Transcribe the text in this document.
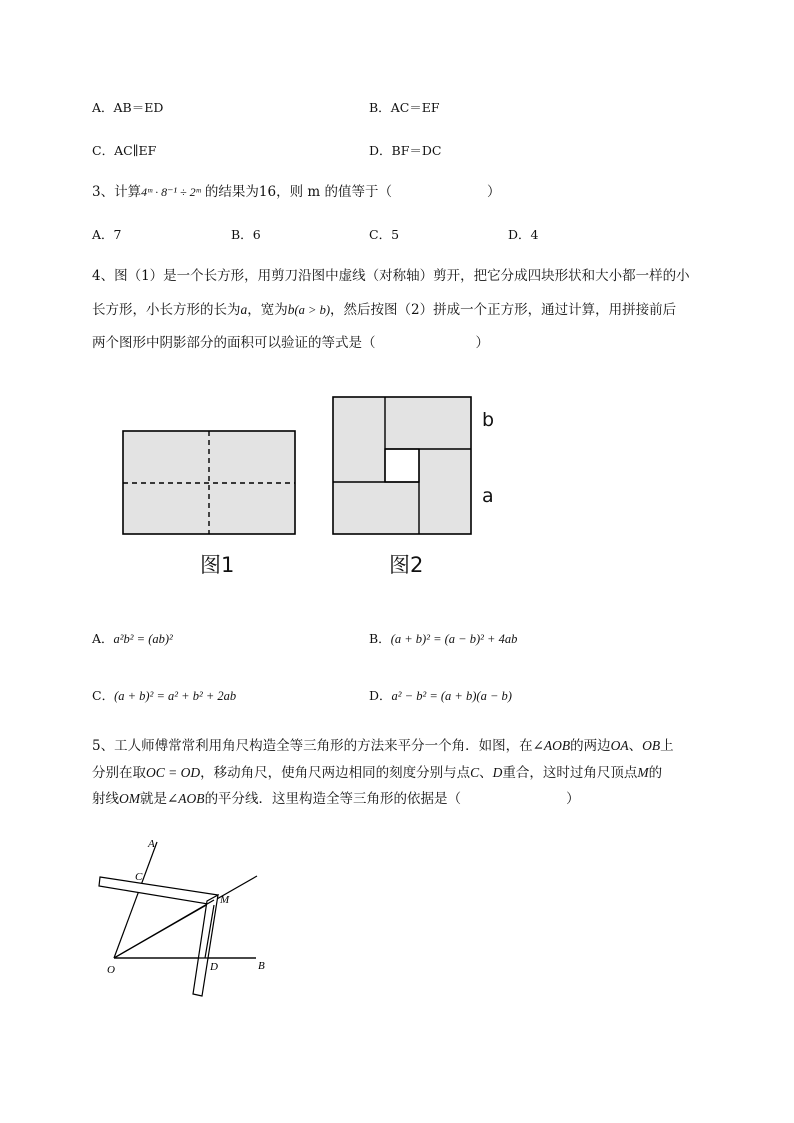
A．AB＝ED	B．AC＝EF
C．AC∥EF	D．BF＝DC
3、计算4ᵐ · 8⁻¹ ÷ 2ᵐ 的结果为16，则 m 的值等于（	）
A．7	B．6	C．5	D．4
4、图（1）是一个长方形，用剪刀沿图中虚线（对称轴）剪开，把它分成四块形状和大小都一样的小
长方形，小长方形的长为a，宽为b(a > b)，然后按图（2）拼成一个正方形，通过计算，用拼接前后
两个图形中阴影部分的面积可以验证的等式是（	）
图1	图2
b
a
A．a²b² = (ab)²	B．(a + b)² = (a − b)² + 4ab
C．(a + b)² = a² + b² + 2ab	D．a² − b² = (a + b)(a − b)
5、工人师傅常常利用角尺构造全等三角形的方法来平分一个角．如图，在∠AOB的两边OA、OB上
分别在取OC = OD，移动角尺，使角尺两边相同的刻度分别与点C、D重合，这时过角尺顶点M的
射线OM就是∠AOB的平分线．这里构造全等三角形的依据是（	）
A
C
M
O	D	B
